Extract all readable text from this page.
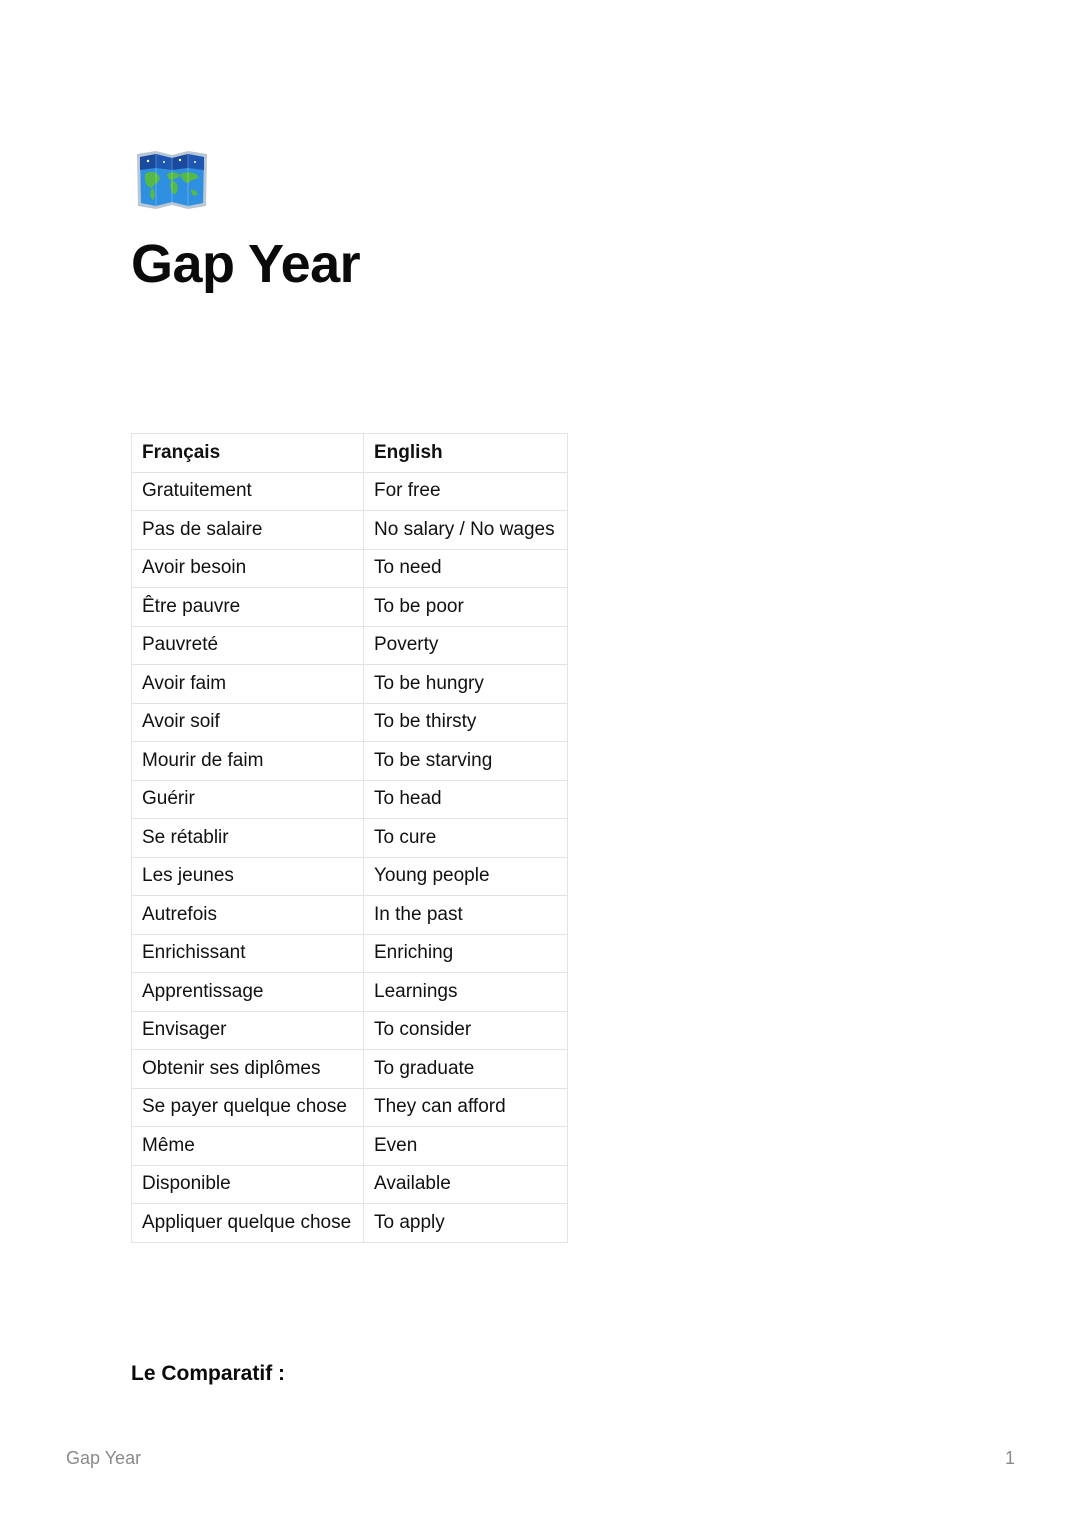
Gap Year
Français	English
Gratuitement	For free
Pas de salaire	No salary / No wages
Avoir besoin	To need
Être pauvre	To be poor
Pauvreté	Poverty
Avoir faim	To be hungry
Avoir soif	To be thirsty
Mourir de faim	To be starving
Guérir	To head
Se rétablir	To cure
Les jeunes	Young people
Autrefois	In the past
Enrichissant	Enriching
Apprentissage	Learnings
Envisager	To consider
Obtenir ses diplômes	To graduate
Se payer quelque chose	They can afford
Même	Even
Disponible	Available
Appliquer quelque chose	To apply
Le Comparatif :
Gap Year	1
